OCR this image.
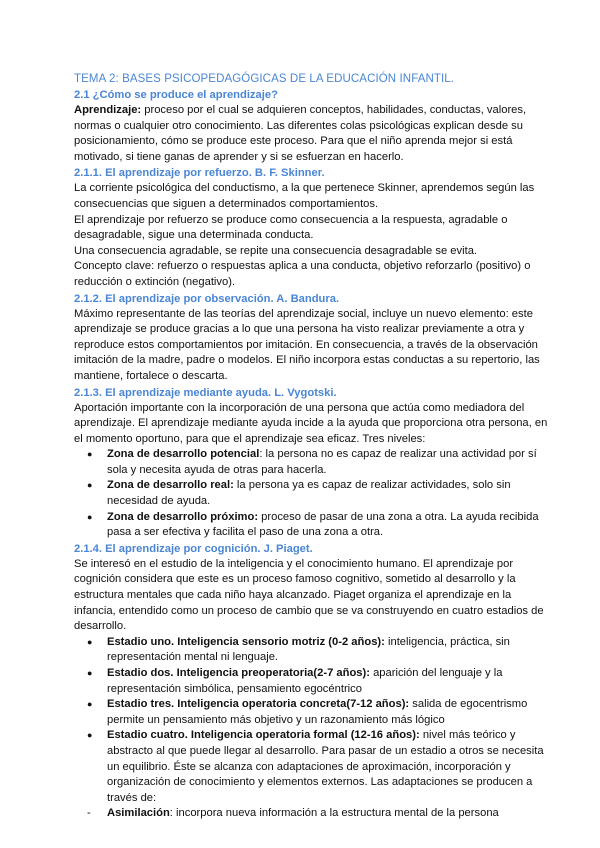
TEMA 2: BASES PSICOPEDAGÓGICAS DE LA EDUCACIÓN INFANTIL.
2.1 ¿Cómo se produce el aprendizaje?
Aprendizaje: proceso por el cual se adquieren conceptos, habilidades, conductas, valores, normas o cualquier otro conocimiento. Las diferentes colas psicológicas explican desde su posicionamiento, cómo se produce este proceso. Para que el niño aprenda mejor si está motivado, si tiene ganas de aprender y si se esfuerzan en hacerlo.
2.1.1. El aprendizaje por refuerzo. B. F. Skinner.
La corriente psicológica del conductismo, a la que pertenece Skinner, aprendemos según las consecuencias que siguen a determinados comportamientos.
El aprendizaje por refuerzo se produce como consecuencia a la respuesta, agradable o desagradable, sigue una determinada conducta.
Una consecuencia agradable, se repite una consecuencia desagradable se evita.
Concepto clave: refuerzo o respuestas aplica a una conducta, objetivo reforzarlo (positivo) o reducción o extinción (negativo).
2.1.2. El aprendizaje por observación. A. Bandura.
Máximo representante de las teorías del aprendizaje social, incluye un nuevo elemento: este aprendizaje se produce gracias a lo que una persona ha visto realizar previamente a otra y reproduce estos comportamientos por imitación. En consecuencia, a través de la observación imitación de la madre, padre o modelos. El niño incorpora estas conductas a su repertorio, las mantiene, fortalece o descarta.
2.1.3. El aprendizaje mediante ayuda. L. Vygotski.
Aportación importante con la incorporación de una persona que actúa como mediadora del aprendizaje. El aprendizaje mediante ayuda incide a la ayuda que proporciona otra persona, en el momento oportuno, para que el aprendizaje sea eficaz. Tres niveles:
● Zona de desarrollo potencial: la persona no es capaz de realizar una actividad por sí sola y necesita ayuda de otras para hacerla.
● Zona de desarrollo real: la persona ya es capaz de realizar actividades, solo sin necesidad de ayuda.
● Zona de desarrollo próximo: proceso de pasar de una zona a otra. La ayuda recibida pasa a ser efectiva y facilita el paso de una zona a otra.
2.1.4. El aprendizaje por cognición. J. Piaget.
Se interesó en el estudio de la inteligencia y el conocimiento humano. El aprendizaje por cognición considera que este es un proceso famoso cognitivo, sometido al desarrollo y la estructura mentales que cada niño haya alcanzado. Piaget organiza el aprendizaje en la infancia, entendido como un proceso de cambio que se va construyendo en cuatro estadios de desarrollo.
● Estadio uno. Inteligencia sensorio motriz (0-2 años): inteligencia, práctica, sin representación mental ni lenguaje.
● Estadio dos. Inteligencia preoperatoria(2-7 años): aparición del lenguaje y la representación simbólica, pensamiento egocéntrico
● Estadio tres. Inteligencia operatoria concreta(7-12 años): salida de egocentrismo permite un pensamiento más objetivo y un razonamiento más lógico
● Estadio cuatro. Inteligencia operatoria formal (12-16 años): nivel más teórico y abstracto al que puede llegar al desarrollo. Para pasar de un estadio a otros se necesita un equilibrio. Éste se alcanza con adaptaciones de aproximación, incorporación y organización de conocimiento y elementos externos. Las adaptaciones se producen a través de:
- Asimilación: incorpora nueva información a la estructura mental de la persona
